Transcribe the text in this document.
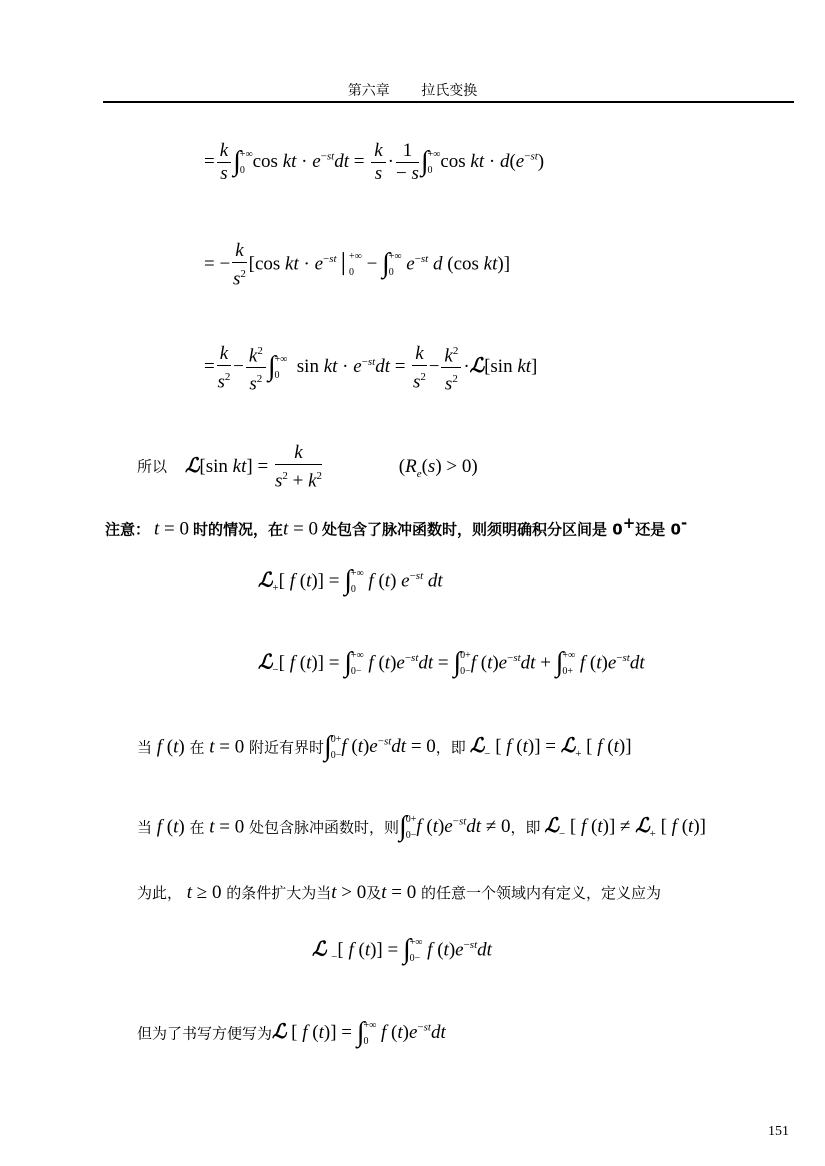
第六章 拉氏变换
= $\frac{k}{s}$ ∫ +∞
0 cos kt · $e^{-st}dt = \frac{k}{s} \cdot \frac{1}{- s}$ ∫ +∞
0 cos kt · $d(e^{-st})$
= − $\frac{k}{s^2} [\cos$ kt · $e^{-st}│$ +∞
0 − ∫ +∞
0 $e^{-st}$ d (cos kt)]
= $\frac{k}{s^2} - \frac{k^2}{s^2}$ ∫ +∞
0 sin kt · $e^{-st}dt = \frac{k}{s^2} - \frac{k^2}{s^2}$ ·ℒ[sin kt]
所以 ℒ[sin $kt] = \frac{k}{s^2 + k^2}$	$(R_e(s) > 0)$
注意： t = 0 时的情况，在t = 0 处包含了脉冲函数时，则须明确积分区间是 0+还是 0-
ℒ$_+$[ f (t)] = ∫ +∞
0 f (t) $e^{-st}$ dt
ℒ$_-$[ f (t)] = ∫ +∞
0− f $(t)e^{-st}dt$ = ∫ 0+
0− f $(t)e^{-st}dt$ + ∫ +∞
0+ f $(t)e^{-st}dt$
当 f (t) 在 t = 0 附近有界时∫ 0+
0− f $(t)e^{-st}dt = 0$，即 ℒ$_-$ [ f (t)] = ℒ$_+$ [ f (t)]
当 f (t) 在 t = 0 处包含脉冲函数时，则∫ 0+
0− f $(t)e^{-st}dt \ne 0$，即 ℒ$_-$ [ f (t)] ≠ ℒ$_+$ [ f (t)]
为此， t ≥ 0 的条件扩大为当t > 0及t = 0 的任意一个领域内有定义，定义应为
ℒ $_-$[ f (t)] = ∫ +∞
0− f $(t)e^{-st}dt$
但为了书写方便写为ℒ [ f (t)] = ∫ +∞
0 f $(t)e^{-st}dt$
151
